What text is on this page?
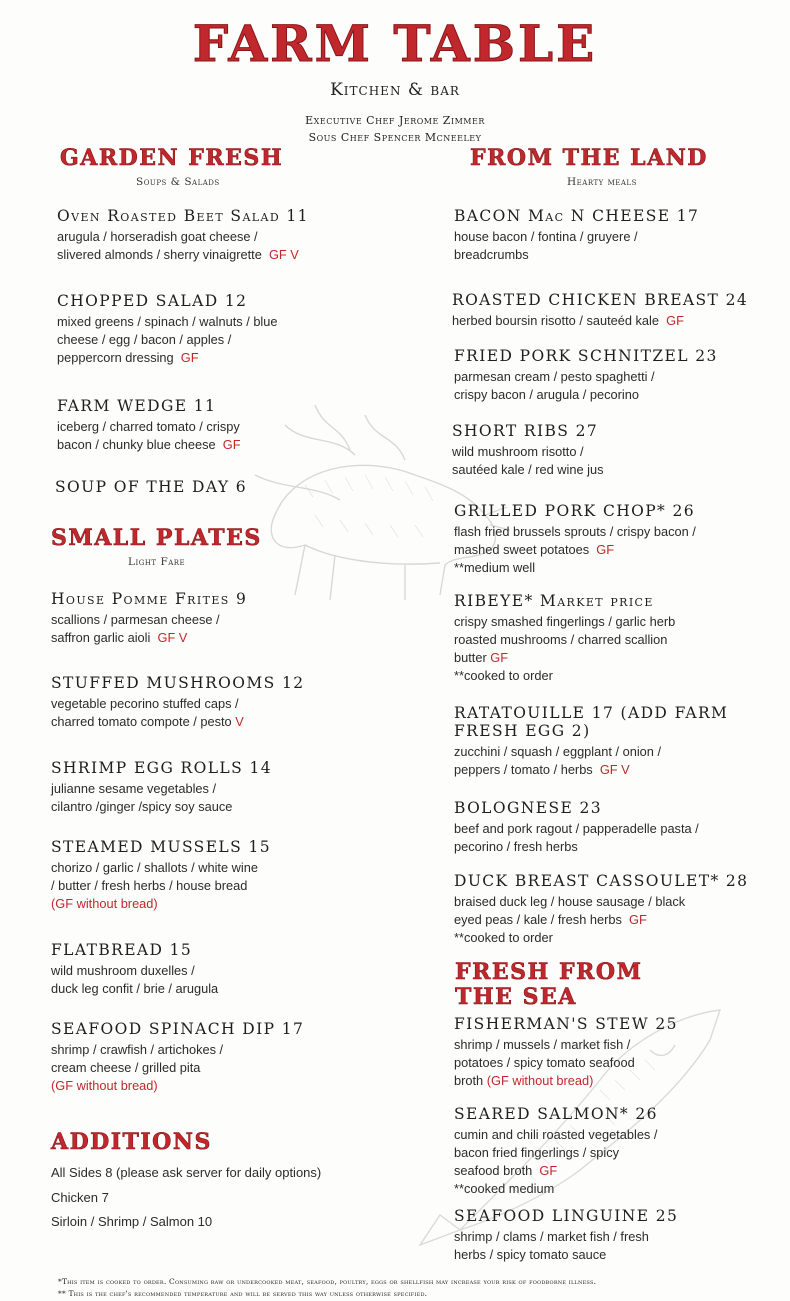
FARM TABLE
Kitchen & bar
Executive Chef Jerome Zimmer
Sous Chef Spencer Mcneeley
GARDEN FRESH
Soups & Salads
Oven Roasted Beet Salad 11
arugula / horseradish goat cheese /
slivered almonds / sherry vinaigrette GF V
CHOPPED SALAD 12
mixed greens / spinach / walnuts / blue
cheese / egg / bacon / apples /
peppercorn dressing GF
FARM WEDGE 11
iceberg / charred tomato / crispy
bacon / chunky blue cheese GF
SOUP OF THE DAY 6
SMALL PLATES
Light Fare
House Pomme Frites 9
scallions / parmesan cheese /
saffron garlic aioli GF V
STUFFED MUSHROOMS 12
vegetable pecorino stuffed caps /
charred tomato compote / pesto V
SHRIMP EGG ROLLS 14
julianne sesame vegetables /
cilantro /ginger /spicy soy sauce
STEAMED MUSSELS 15
chorizo / garlic / shallots / white wine
/ butter / fresh herbs / house bread
(GF without bread)
FLATBREAD 15
wild mushroom duxelles /
duck leg confit / brie / arugula
SEAFOOD SPINACH DIP 17
shrimp / crawfish / artichokes /
cream cheese / grilled pita
(GF without bread)
ADDITIONS
All Sides 8 (please ask server for daily options)
Chicken 7
Sirloin / Shrimp / Salmon 10
FROM THE LAND
Hearty meals
BACON Mac N CHEESE 17
house bacon / fontina / gruyere /
breadcrumbs
ROASTED CHICKEN BREAST 24
herbed boursin risotto / sauteéd kale GF
FRIED PORK SCHNITZEL 23
parmesan cream / pesto spaghetti /
crispy bacon / arugula / pecorino
SHORT RIBS 27
wild mushroom risotto /
sautéed kale / red wine jus
GRILLED PORK CHOP* 26
flash fried brussels sprouts / crispy bacon /
mashed sweet potatoes GF
**medium well
RIBEYE* Market price
crispy smashed fingerlings / garlic herb
roasted mushrooms / charred scallion
butter GF
**cooked to order
RATATOUILLE 17 (ADD FARM FRESH EGG 2)
zucchini / squash / eggplant / onion /
peppers / tomato / herbs GF V
BOLOGNESE 23
beef and pork ragout / papperadelle pasta /
pecorino / fresh herbs
DUCK BREAST CASSOULET* 28
braised duck leg / house sausage / black
eyed peas / kale / fresh herbs GF
**cooked to order
FRESH FROM THE SEA
FISHERMAN'S STEW 25
shrimp / mussels / market fish /
potatoes / spicy tomato seafood
broth (GF without bread)
SEARED SALMON* 26
cumin and chili roasted vegetables /
bacon fried fingerlings / spicy
seafood broth GF
**cooked medium
SEAFOOD LINGUINE 25
shrimp / clams / market fish / fresh
herbs / spicy tomato sauce
*This item is cooked to order. Consuming raw or undercooked meat, seafood, poultry, eggs or shellfish may increase your risk of foodborne illness.
** This is the chef's recommended temperature and will be served this way unless otherwise specified.
